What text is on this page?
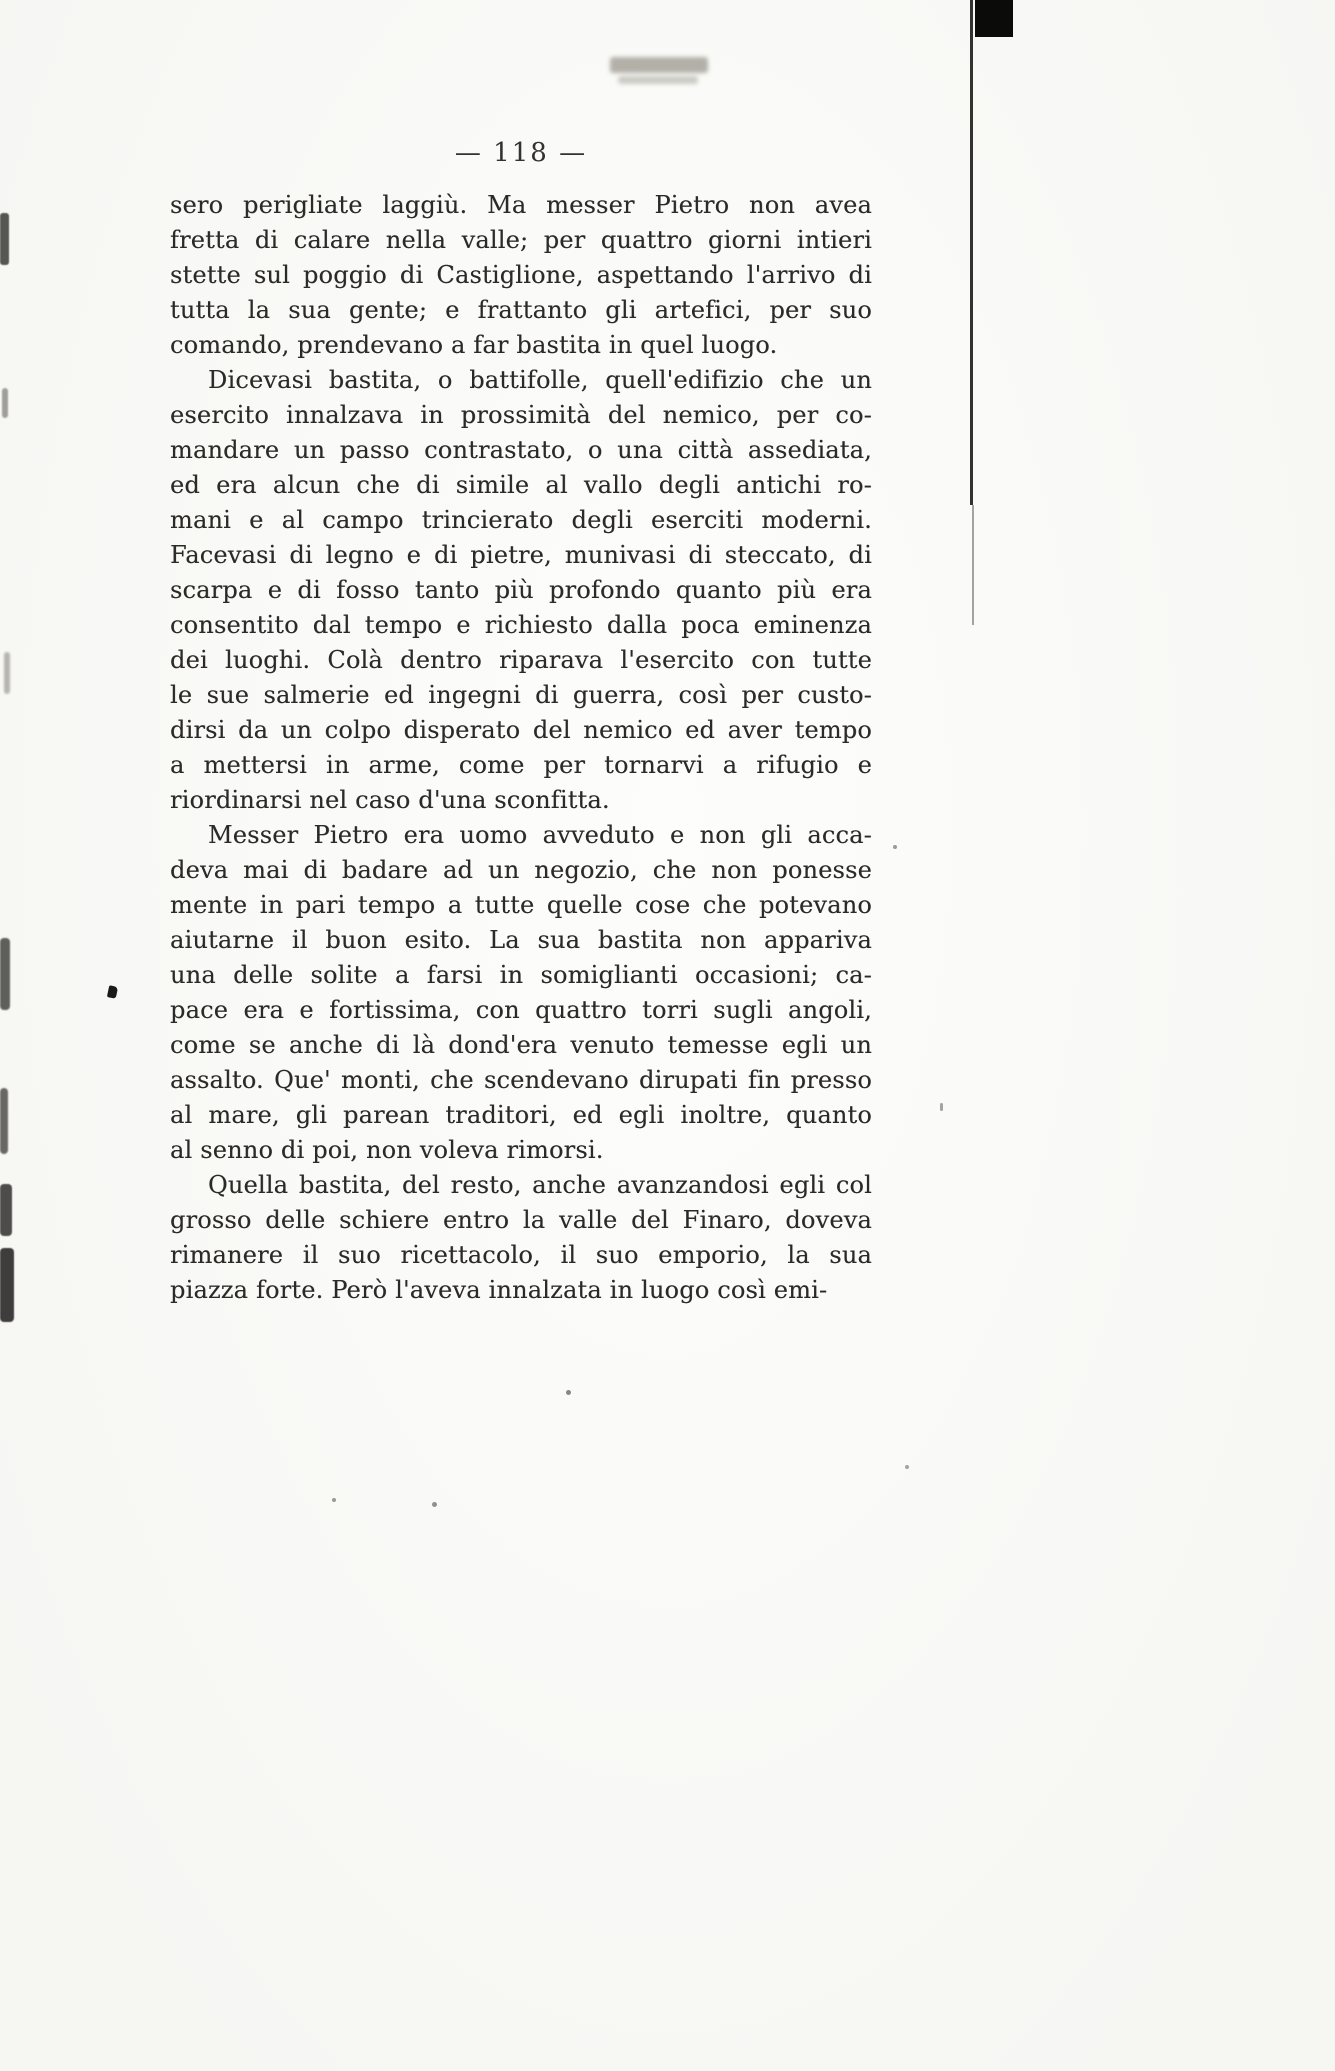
— 118 —
sero perigliate laggiù. Ma messer Pietro non avea
fretta di calare nella valle; per quattro giorni intieri
stette sul poggio di Castiglione, aspettando l'arrivo di
tutta la sua gente; e frattanto gli artefici, per suo
comando, prendevano a far bastita in quel luogo.
Dicevasi bastita, o battifolle, quell'edifizio che un
esercito innalzava in prossimità del nemico, per co-
mandare un passo contrastato, o una città assediata,
ed era alcun che di simile al vallo degli antichi ro-
mani e al campo trincierato degli eserciti moderni.
Facevasi di legno e di pietre, munivasi di steccato, di
scarpa e di fosso tanto più profondo quanto più era
consentito dal tempo e richiesto dalla poca eminenza
dei luoghi. Colà dentro riparava l'esercito con tutte
le sue salmerie ed ingegni di guerra, così per custo-
dirsi da un colpo disperato del nemico ed aver tempo
a mettersi in arme, come per tornarvi a rifugio e
riordinarsi nel caso d'una sconfitta.
Messer Pietro era uomo avveduto e non gli acca-
deva mai di badare ad un negozio, che non ponesse
mente in pari tempo a tutte quelle cose che potevano
aiutarne il buon esito. La sua bastita non appariva
una delle solite a farsi in somiglianti occasioni; ca-
pace era e fortissima, con quattro torri sugli angoli,
come se anche di là dond'era venuto temesse egli un
assalto. Que' monti, che scendevano dirupati fin presso
al mare, gli parean traditori, ed egli inoltre, quanto
al senno di poi, non voleva rimorsi.
Quella bastita, del resto, anche avanzandosi egli col
grosso delle schiere entro la valle del Finaro, doveva
rimanere il suo ricettacolo, il suo emporio, la sua
piazza forte. Però l'aveva innalzata in luogo così emi-
